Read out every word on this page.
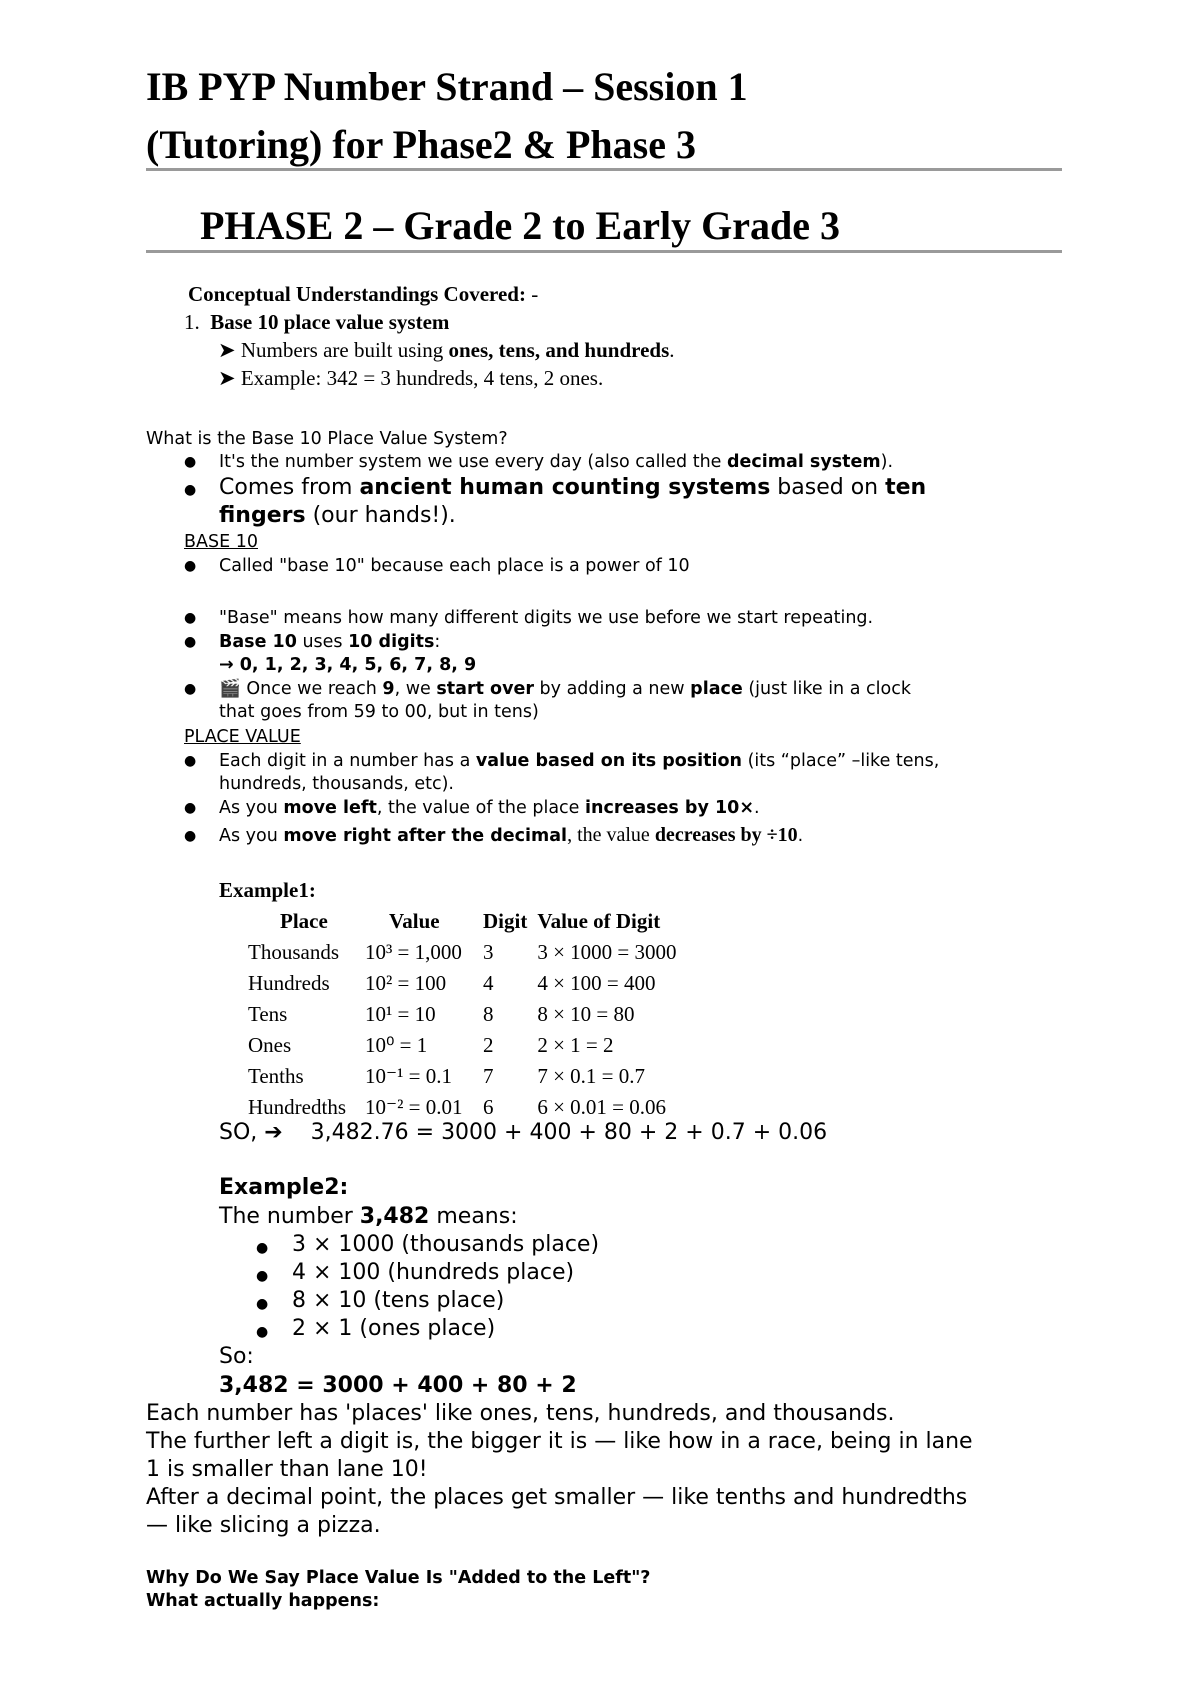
IB PYP Number Strand – Session 1
(Tutoring) for Phase2 & Phase 3
PHASE 2 – Grade 2 to Early Grade 3
Conceptual Understandings Covered: -
1. Base 10 place value system
➤ Numbers are built using ones, tens, and hundreds.
➤ Example: 342 = 3 hundreds, 4 tens, 2 ones.
What is the Base 10 Place Value System?
● It's the number system we use every day (also called the decimal system).
● Comes from ancient human counting systems based on ten
fingers (our hands!).
BASE 10
● Called "base 10" because each place is a power of 10
● "Base" means how many different digits we use before we start repeating.
● Base 10 uses 10 digits:
→ 0, 1, 2, 3, 4, 5, 6, 7, 8, 9
● 🎬 Once we reach 9, we start over by adding a new place (just like in a clock
that goes from 59 to 00, but in tens)
PLACE VALUE
● Each digit in a number has a value based on its position (its “place” –like tens,
hundreds, thousands, etc).
● As you move left, the value of the place increases by 10×.
● As you move right after the decimal, the value decreases by ÷10.
Example1:
Place	Value	Digit	Value of Digit
Thousands	10³ = 1,000	3	3 × 1000 = 3000
Hundreds	10² = 100	4	4 × 100 = 400
Tens	10¹ = 10	8	8 × 10 = 80
Ones	10⁰ = 1	2	2 × 1 = 2
Tenths	10⁻¹ = 0.1	7	7 × 0.1 = 0.7
Hundredths	10⁻² = 0.01	6	6 × 0.01 = 0.06
SO, ➔    3,482.76 = 3000 + 400 + 80 + 2 + 0.7 + 0.06
Example2:
The number 3,482 means:
● 3 × 1000 (thousands place)
● 4 × 100 (hundreds place)
● 8 × 10 (tens place)
● 2 × 1 (ones place)
So:
3,482 = 3000 + 400 + 80 + 2
Each number has 'places' like ones, tens, hundreds, and thousands.
The further left a digit is, the bigger it is — like how in a race, being in lane
1 is smaller than lane 10!
After a decimal point, the places get smaller — like tenths and hundredths
— like slicing a pizza.
Why Do We Say Place Value Is "Added to the Left"?
What actually happens:
